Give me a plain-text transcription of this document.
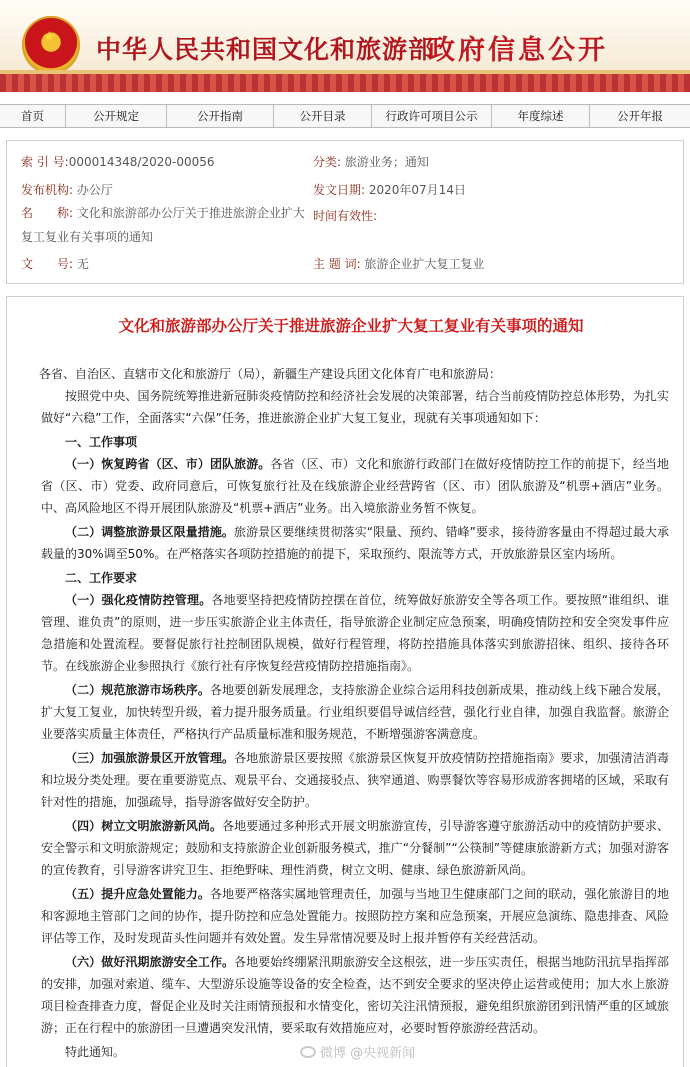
★ 中华人民共和国文化和旅游部
政府信息公开
首页	公开规定	公开指南	公开目录	行政许可项目公示	年度综述	公开年报
索 引 号:000014348/2020-00056	分类: 旅游业务；通知
发布机构: 办公厅	发文日期: 2020年07月14日
名　　称: 文化和旅游部办公厅关于推进旅游企业扩大复工复业有关事项的通知
时间有效性:
文　　号: 无	主 题 词: 旅游企业扩大复工复业
文化和旅游部办公厅关于推进旅游企业扩大复工复业有关事项的通知
各省、自治区、直辖市文化和旅游厅（局），新疆生产建设兵团文化体育广电和旅游局：
按照党中央、国务院统筹推进新冠肺炎疫情防控和经济社会发展的决策部署，结合当前疫情防控总体形势，为扎实做好“六稳”工作，全面落实“六保”任务，推进旅游企业扩大复工复业，现就有关事项通知如下：
一、工作事项
（一）恢复跨省（区、市）团队旅游。各省（区、市）文化和旅游行政部门在做好疫情防控工作的前提下，经当地省（区、市）党委、政府同意后，可恢复旅行社及在线旅游企业经营跨省（区、市）团队旅游及“机票+酒店”业务。中、高风险地区不得开展团队旅游及“机票+酒店”业务。出入境旅游业务暂不恢复。
（二）调整旅游景区限量措施。旅游景区要继续贯彻落实“限量、预约、错峰”要求，接待游客量由不得超过最大承载量的30%调至50%。在严格落实各项防控措施的前提下，采取预约、限流等方式，开放旅游景区室内场所。
二、工作要求
（一）强化疫情防控管理。各地要坚持把疫情防控摆在首位，统筹做好旅游安全等各项工作。要按照“谁组织、谁管理、谁负责”的原则，进一步压实旅游企业主体责任，指导旅游企业制定应急预案，明确疫情防控和安全突发事件应急措施和处置流程。要督促旅行社控制团队规模，做好行程管理，将防控措施具体落实到旅游招徕、组织、接待各环节。在线旅游企业参照执行《旅行社有序恢复经营疫情防控措施指南》。
（二）规范旅游市场秩序。各地要创新发展理念，支持旅游企业综合运用科技创新成果，推动线上线下融合发展，扩大复工复业，加快转型升级，着力提升服务质量。行业组织要倡导诚信经营，强化行业自律，加强自我监督。旅游企业要落实质量主体责任，严格执行产品质量标准和服务规范，不断增强游客满意度。
（三）加强旅游景区开放管理。各地旅游景区要按照《旅游景区恢复开放疫情防控措施指南》要求，加强清洁消毒和垃圾分类处理。要在重要游览点、观景平台、交通接驳点、狭窄通道、购票餐饮等容易形成游客拥堵的区域，采取有针对性的措施，加强疏导，指导游客做好安全防护。
（四）树立文明旅游新风尚。各地要通过多种形式开展文明旅游宣传，引导游客遵守旅游活动中的疫情防护要求、安全警示和文明旅游规定；鼓励和支持旅游企业创新服务模式，推广“分餐制”“公筷制”等健康旅游新方式；加强对游客的宣传教育，引导游客讲究卫生、拒绝野味、理性消费，树立文明、健康、绿色旅游新风尚。
（五）提升应急处置能力。各地要严格落实属地管理责任，加强与当地卫生健康部门之间的联动，强化旅游目的地和客源地主管部门之间的协作，提升防控和应急处置能力。按照防控方案和应急预案，开展应急演练、隐患排查、风险评估等工作，及时发现苗头性问题并有效处置。发生异常情况要及时上报并暂停有关经营活动。
（六）做好汛期旅游安全工作。各地要始终绷紧汛期旅游安全这根弦，进一步压实责任，根据当地防汛抗旱指挥部的安排，加强对索道、缆车、大型游乐设施等设备的安全检查，达不到安全要求的坚决停止运营或使用；加大水上旅游项目检查排查力度，督促企业及时关注雨情预报和水情变化，密切关注汛情预报，避免组织旅游团到汛情严重的区域旅游；正在行程中的旅游团一旦遭遇突发汛情，要采取有效措施应对，必要时暂停旅游经营活动。
特此通知。	微博 @央视新闻
